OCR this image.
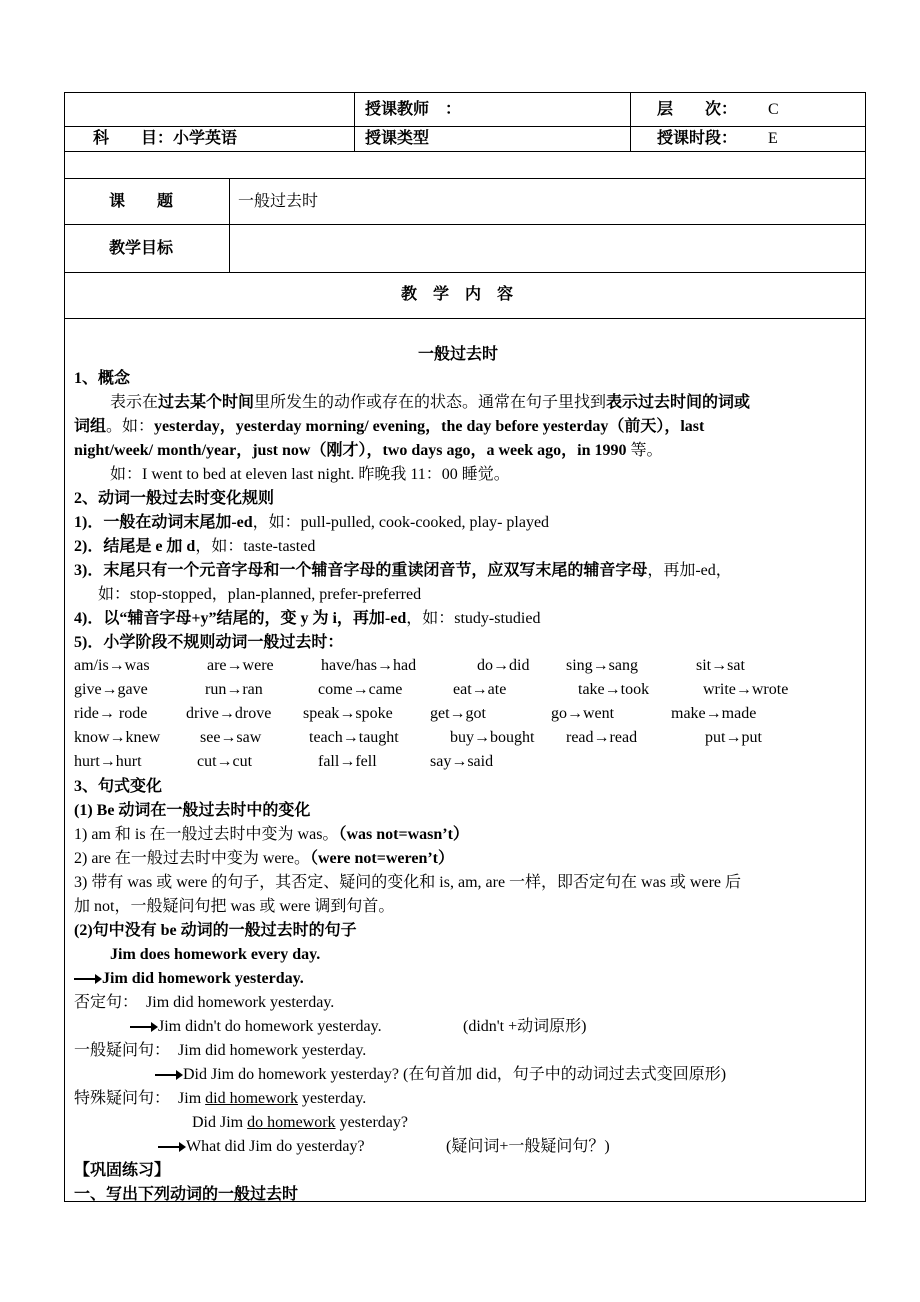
授课教师　：	层　　次： C
科　　目：小学英语	授课类型	授课时段： E
课　　题	一般过去时
教学目标
教　学　内　容
一般过去时
1、概念
表示在过去某个时间里所发生的动作或存在的状态。通常在句子里找到表示过去时间的词或
词组。如：yesterday，yesterday morning/ evening，the day before yesterday（前天），last
night/week/ month/year，just now（刚才），two days ago，a week ago，in 1990 等。
如：I went to bed at eleven last night. 昨晚我 11：00 睡觉。
2、动词一般过去时变化规则
1)．一般在动词末尾加-ed，如：pull-pulled, cook-cooked, play- played
2)．结尾是 e 加 d，如：taste-tasted
3)．末尾只有一个元音字母和一个辅音字母的重读闭音节，应双写末尾的辅音字母，再加-ed，
如：stop-stopped，plan-planned, prefer-preferred
4)．以“辅音字母+y”结尾的，变 y 为 i，再加-ed，如：study-studied
5)．小学阶段不规则动词一般过去时：
am/is→was	are→were	have/has→had	do→did sing→sang	sit→sat
give→gave	run→ran	come→came	eat→ate	take→took	write→wrote
ride→ rode drive→drove speak→spoke get→got	go→went	make→made
know→knew see→saw	teach→taught	buy→bought read→read	put→put
hurt→hurt	cut→cut	fall→fell	say→said
3、句式变化
(1) Be 动词在一般过去时中的变化
1) am 和 is 在一般过去时中变为 was。（was not=wasn’t）
2) are 在一般过去时中变为 were。（were not=weren’t）
3) 带有 was 或 were 的句子，其否定、疑问的变化和 is, am, are 一样，即否定句在 was 或 were 后
加 not，一般疑问句把 was 或 were 调到句首。
(2)句中没有 be 动词的一般过去时的句子
Jim does homework every day.
Jim did homework yesterday.
否定句： Jim did homework yesterday.
Jim didn't do homework yesterday.	(didn't +动词原形)
一般疑问句： Jim did homework yesterday.
Did Jim do homework yesterday? (在句首加 did，句子中的动词过去式变回原形)
特殊疑问句： Jim did homework yesterday.
Did Jim do homework yesterday?
What did Jim do yesterday?	(疑问词+一般疑问句？)
【巩固练习】
一、写出下列动词的一般过去时
